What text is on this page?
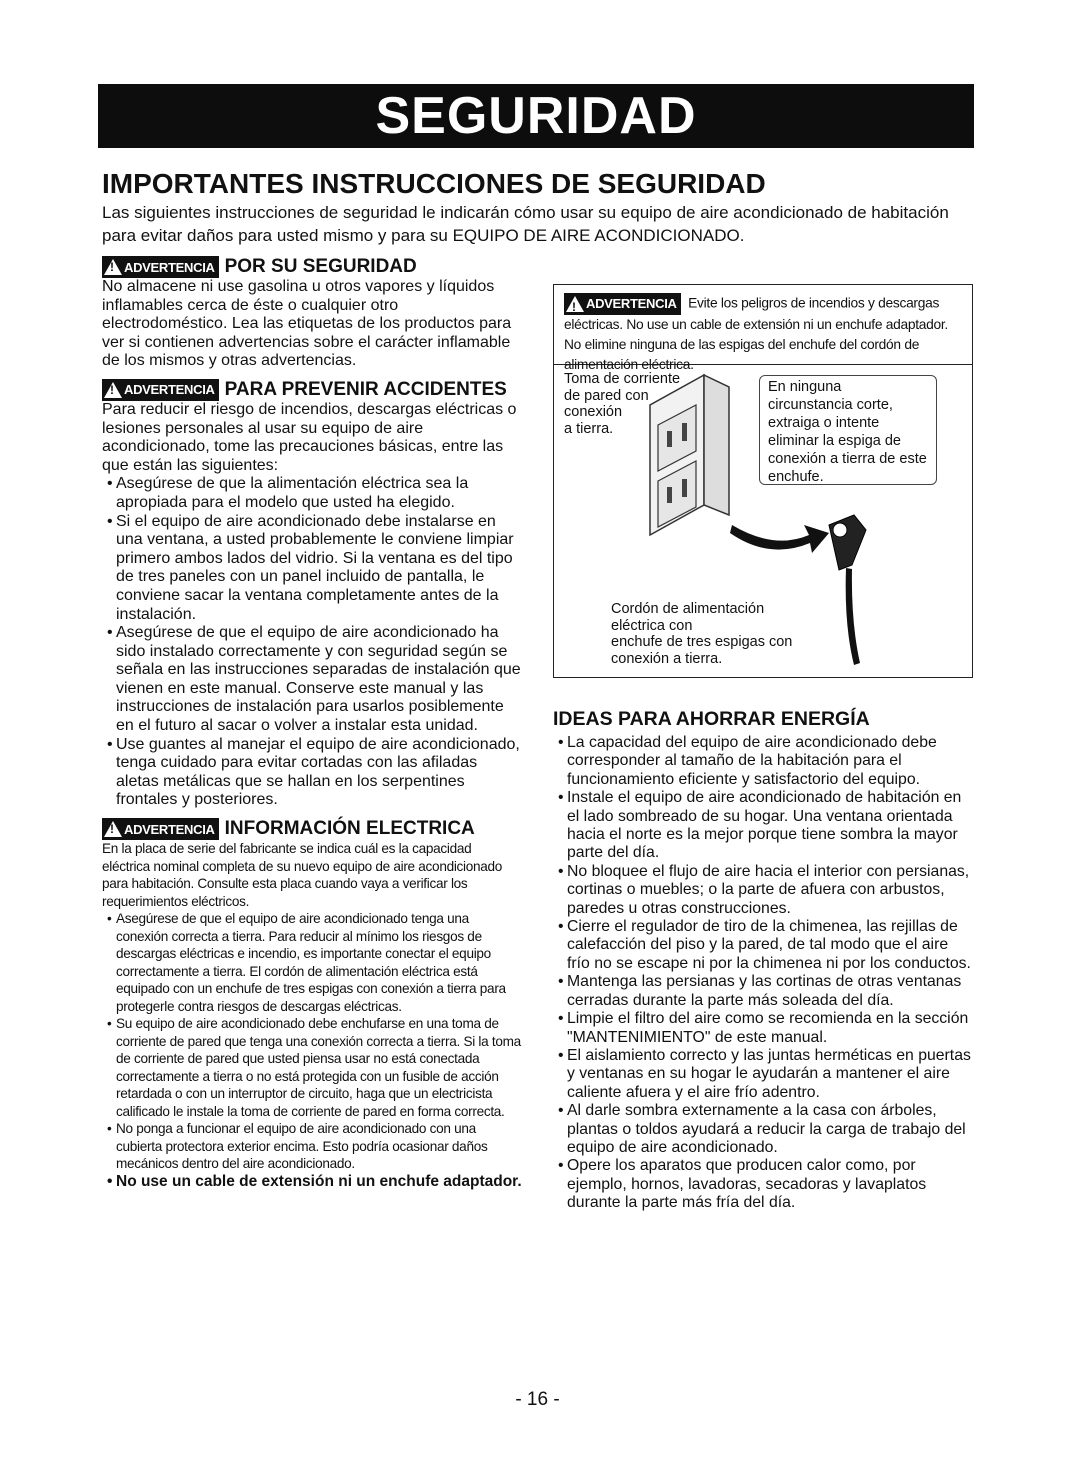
SEGURIDAD
IMPORTANTES INSTRUCCIONES DE SEGURIDAD

Las siguientes instrucciones de seguridad le indicarán cómo usar su equipo de aire acondicionado de habitación para evitar daños para usted mismo y para su EQUIPO DE AIRE ACONDICIONADO.

!
ADVERTENCIA POR SU SEGURIDAD

No almacene ni use gasolina u otros vapores y líquidos inflamables cerca de éste o cualquier otro electrodoméstico. Lea las etiquetas de los productos para ver si contienen advertencias sobre el carácter inflamable de los mismos y otras advertencias.

!
ADVERTENCIA PARA PREVENIR ACCIDENTES

Para reducir el riesgo de incendios, descargas eléctricas o lesiones personales al usar su equipo de aire acondicionado, tome las precauciones básicas, entre las que están las siguientes:

• Asegúrese de que la alimentación eléctrica sea la apropiada para el modelo que usted ha elegido.
• Si el equipo de aire acondicionado debe instalarse en una ventana, a usted probablemente le conviene limpiar primero ambos lados del vidrio. Si la ventana es del tipo de tres paneles con un panel incluido de pantalla, le conviene sacar la ventana completamente antes de la instalación.
• Asegúrese de que el equipo de aire acondicionado ha sido instalado correctamente y con seguridad según se señala en las instrucciones separadas de instalación que vienen en este manual. Conserve este manual y las instrucciones de instalación para usarlos posiblemente en el futuro al sacar o volver a instalar esta unidad.
• Use guantes al manejar el equipo de aire acondicionado, tenga cuidado para evitar cortadas con las afiladas aletas metálicas que se hallan en los serpentines frontales y posteriores.
!
ADVERTENCIA INFORMACIÓN ELECTRICA

En la placa de serie del fabricante se indica cuál es la capacidad eléctrica nominal completa de su nuevo equipo de aire acondicionado para habitación. Consulte esta placa cuando vaya a verificar los requerimientos eléctricos.

• Asegúrese de que el equipo de aire acondicionado tenga una conexión correcta a tierra. Para reducir al mínimo los riesgos de descargas eléctricas e incendio, es importante conectar el equipo correctamente a tierra. El cordón de alimentación eléctrica está equipado con un enchufe de tres espigas con conexión a tierra para protegerle contra riesgos de descargas eléctricas.
• Su equipo de aire acondicionado debe enchufarse en una toma de corriente de pared que tenga una conexión correcta a tierra. Si la toma de corriente de pared que usted piensa usar no está conectada correctamente a tierra o no está protegida con un fusible de acción retardada o con un interruptor de circuito, haga que un electricista calificado le instale la toma de corriente de pared en forma correcta.
• No ponga a funcionar el equipo de aire acondicionado con una cubierta protectora exterior encima. Esto podría ocasionar daños mecánicos dentro del aire acondicionado.

• No use un cable de extensión ni un enchufe adaptador.

!
ADVERTENCIA Evite los peligros de incendios y descargas eléctricas. No use un cable de extensión ni un enchufe adaptador. No elimine ninguna de las espigas del enchufe del cordón de alimentación eléctrica.
Toma de corriente
de pared con
conexión
a tierra.
En ninguna
circunstancia corte,
extraiga o intente
eliminar la espiga de
conexión a tierra de este
enchufe.
Cordón de alimentación
eléctrica con
enchufe de tres espigas con
conexión a tierra.
IDEAS PARA AHORRAR ENERGÍA
• La capacidad del equipo de aire acondicionado debe corresponder al tamaño de la habitación para el funcionamiento eficiente y satisfactorio del equipo.
• Instale el equipo de aire acondicionado de habitación en el lado sombreado de su hogar. Una ventana orientada hacia el norte es la mejor porque tiene sombra la mayor parte del día.
• No bloquee el flujo de aire hacia el interior con persianas, cortinas o muebles; o la parte de afuera con arbustos, paredes u otras construcciones.
• Cierre el regulador de tiro de la chimenea, las rejillas de calefacción del piso y la pared, de tal modo que el aire frío no se escape ni por la chimenea ni por los conductos.
• Mantenga las persianas y las cortinas de otras ventanas cerradas durante la parte más soleada del día.
• Limpie el filtro del aire como se recomienda en la sección "MANTENIMIENTO" de este manual.
• El aislamiento correcto y las juntas herméticas en puertas y ventanas en su hogar le ayudarán a mantener el aire caliente afuera y el aire frío adentro.
• Al darle sombra externamente a la casa con árboles, plantas o toldos ayudará a reducir la carga de trabajo del equipo de aire acondicionado.
• Opere los aparatos que producen calor como, por ejemplo, hornos, lavadoras, secadoras y lavaplatos durante la parte más fría del día.
- 16 -
